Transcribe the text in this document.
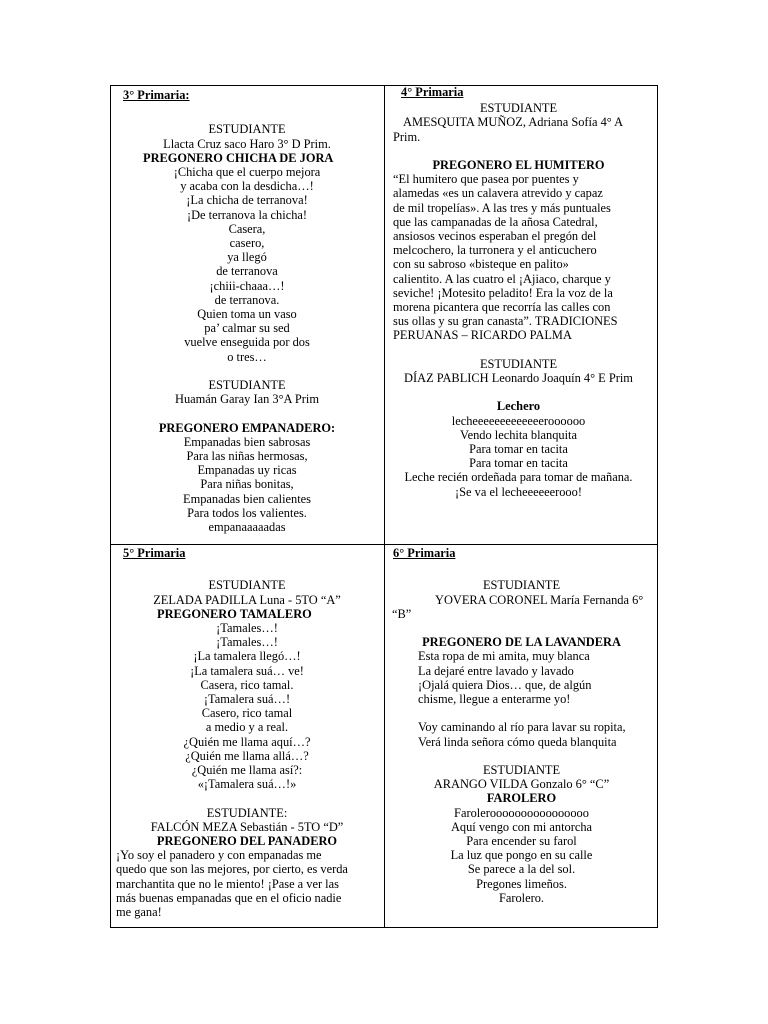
3° Primaria:
ESTUDIANTE
Llacta Cruz saco Haro 3° D Prim.
PREGONERO CHICHA DE JORA
¡Chicha que el cuerpo mejora
y acaba con la desdicha…!
¡La chicha de terranova!
¡De terranova la chicha!
Casera,
casero,
ya llegó
de terranova
¡chiii-chaaa…!
de terranova.
Quien toma un vaso
pa’ calmar su sed
vuelve enseguida por dos
o tres…
ESTUDIANTE
Huamán Garay Ian 3°A Prim
PREGONERO EMPANADERO:
Empanadas bien sabrosas
Para las niñas hermosas,
Empanadas uy ricas
Para niñas bonitas,
Empanadas bien calientes
Para todos los valientes.
empanaaaaadas
4° Primaria
ESTUDIANTE
AMESQUITA MUÑOZ, Adriana Sofía 4° A
Prim.
PREGONERO EL HUMITERO
“El humitero que pasea por puentes y
alamedas «es un calavera atrevido y capaz
de mil tropelías». A las tres y más puntuales
que las campanadas de la añosa Catedral,
ansiosos vecinos esperaban el pregón del
melcochero, la turronera y el anticuchero
con su sabroso «bisteque en palito»
calientito. A las cuatro el ¡Ajiaco, charque y
seviche! ¡Motesito peladito! Era la voz de la
morena picantera que recorría las calles con
sus ollas y su gran canasta”. TRADICIONES
PERUANAS – RICARDO PALMA
ESTUDIANTE
DÍAZ PABLICH Leonardo Joaquín 4° E Prim
Lechero
lecheeeeeeeeeeeeeroooooo
Vendo lechita blanquita
Para tomar en tacita
Para tomar en tacita
Leche recién ordeñada para tomar de mañana.
¡Se va el lecheeeeeerooo!
5° Primaria
ESTUDIANTE
ZELADA PADILLA Luna - 5TO “A”
PREGONERO TAMALERO
¡Tamales…!
¡Tamales…!
¡La tamalera llegó…!
¡La tamalera suá… ve!
Casera, rico tamal.
¡Tamalera suá…!
Casero, rico tamal
a medio y a real.
¿Quién me llama aquí…?
¿Quién me llama allá…?
¿Quién me llama así?:
«¡Tamalera suá…!»
ESTUDIANTE:
FALCÓN MEZA Sebastián - 5TO “D”
PREGONERO DEL PANADERO
¡Yo soy el panadero y con empanadas me
quedo que son las mejores, por cierto, es verda
marchantita que no le miento! ¡Pase a ver las
más buenas empanadas que en el oficio nadie
me gana!
6° Primaria
ESTUDIANTE
YOVERA CORONEL María Fernanda 6°
“B”
PREGONERO DE LA LAVANDERA
Esta ropa de mi amita, muy blanca
La dejaré entre lavado y lavado
¡Ojalá quiera Dios… que, de algún
chisme, llegue a enterarme yo!
Voy caminando al río para lavar su ropita,
Verá linda señora cómo queda blanquita
ESTUDIANTE
ARANGO VILDA Gonzalo 6° “C”
FAROLERO
Faroleroooooooooooooooo
Aquí vengo con mi antorcha
Para encender su farol
La luz que pongo en su calle
Se parece a la del sol.
Pregones limeños.
Farolero.
